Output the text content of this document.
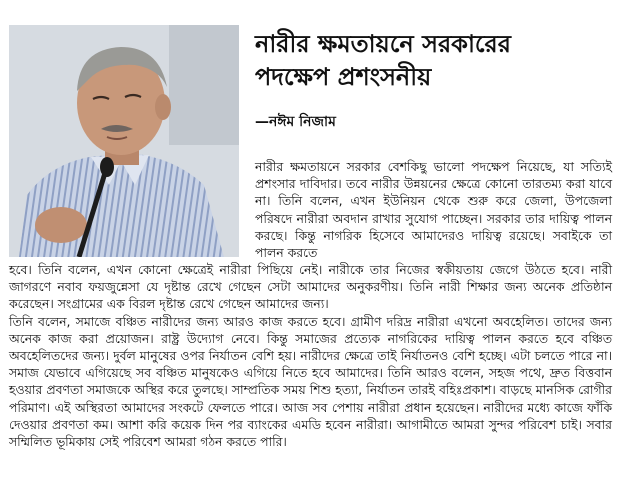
নারীর ক্ষমতায়নে সরকারের
পদক্ষেপ প্রশংসনীয়

—নঈম নিজাম

নারীর ক্ষমতায়নে সরকার বেশকিছু ভালো পদক্ষেপ নিয়েছে, যা সত্যিই প্রশংসার দাবিদার। তবে নারীর উন্নয়নের ক্ষেত্রে কোনো তারতম্য করা যাবে না। তিনি বলেন, এখন ইউনিয়ন থেকে শুরু করে জেলা, উপজেলা পরিষদে নারীরা অবদান রাখার সুযোগ পাচ্ছেন। সরকার তার দায়িত্ব পালন করছে। কিন্তু নাগরিক হিসেবে আমাদেরও দায়িত্ব রয়েছে। সবাইকে তা পালন করতে

হবে। তিনি বলেন, এখন কোনো ক্ষেত্রেই নারীরা পিছিয়ে নেই। নারীকে তার নিজের স্বকীয়তায় জেগে উঠতে হবে। নারী জাগরণে নবাব ফয়জুন্নেসা যে দৃষ্টান্ত রেখে গেছেন সেটা আমাদের অনুকরণীয়। তিনি নারী শিক্ষার জন্য অনেক প্রতিষ্ঠান করেছেন। সংগ্রামের এক বিরল দৃষ্টান্ত রেখে গেছেন আমাদের জন্য।

তিনি বলেন, সমাজে বঞ্চিত নারীদের জন্য আরও কাজ করতে হবে। গ্রামীণ দরিদ্র নারীরা এখনো অবহেলিত। তাদের জন্য অনেক কাজ করা প্রয়োজন। রাষ্ট্র উদ্যোগ নেবে। কিন্তু সমাজের প্রত্যেক নাগরিকের দায়িত্ব পালন করতে হবে বঞ্চিত অবহেলিতদের জন্য। দুর্বল মানুষের ওপর নির্যাতন বেশি হয়। নারীদের ক্ষেত্রে তাই নির্যাতনও বেশি হচ্ছে। এটা চলতে পারে না। সমাজ যেভাবে এগিয়েছে সব বঞ্চিত মানুষকেও এগিয়ে নিতে হবে আমাদের। তিনি আরও বলেন, সহজ পথে, দ্রুত বিত্তবান হওয়ার প্রবণতা সমাজকে অস্থির করে তুলছে। সাম্প্রতিক সময় শিশু হত্যা, নির্যাতন তারই বহিঃপ্রকাশ। বাড়ছে মানসিক রোগীর পরিমাণ। এই অস্থিরতা আমাদের সংকটে ফেলতে পারে। আজ সব পেশায় নারীরা প্রধান হয়েছেন। নারীদের মধ্যে কাজে ফাঁকি দেওয়ার প্রবণতা কম। আশা করি কয়েক দিন পর ব্যাংকের এমডি হবেন নারীরা। আগামীতে আমরা সুন্দর পরিবেশ চাই। সবার সম্মিলিত ভূমিকায় সেই পরিবেশ আমরা গঠন করতে পারি।
